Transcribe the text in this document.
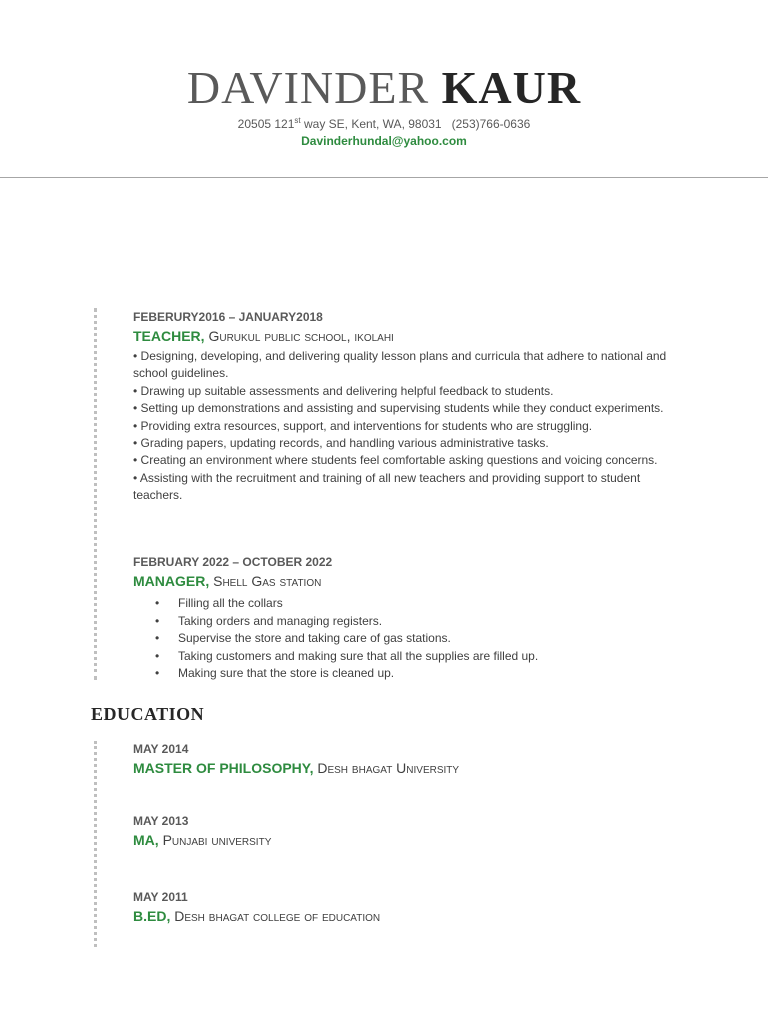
DAVINDER KAUR
20505 121st way SE, Kent, WA, 98031   (253)766-0636
Davinderhundal@yahoo.com
FEBERURY2016 – JANUARY2018
TEACHER, Gurukul public school, ikolahi
• Designing, developing, and delivering quality lesson plans and curricula that adhere to national and school guidelines.
• Drawing up suitable assessments and delivering helpful feedback to students.
• Setting up demonstrations and assisting and supervising students while they conduct experiments.
• Providing extra resources, support, and interventions for students who are struggling.
• Grading papers, updating records, and handling various administrative tasks.
• Creating an environment where students feel comfortable asking questions and voicing concerns.
• Assisting with the recruitment and training of all new teachers and providing support to student teachers.
FEBRUARY 2022 – OCTOBER 2022
MANAGER, Shell Gas station
• Filling all the collars
• Taking orders and managing registers.
• Supervise the store and taking care of gas stations.
• Taking customers and making sure that all the supplies are filled up.
• Making sure that the store is cleaned up.
EDUCATION
MAY 2014
MASTER OF PHILOSOPHY, Desh bhagat University
MAY 2013
MA, Punjabi university
MAY 2011
B.ED, Desh bhagat college of education
